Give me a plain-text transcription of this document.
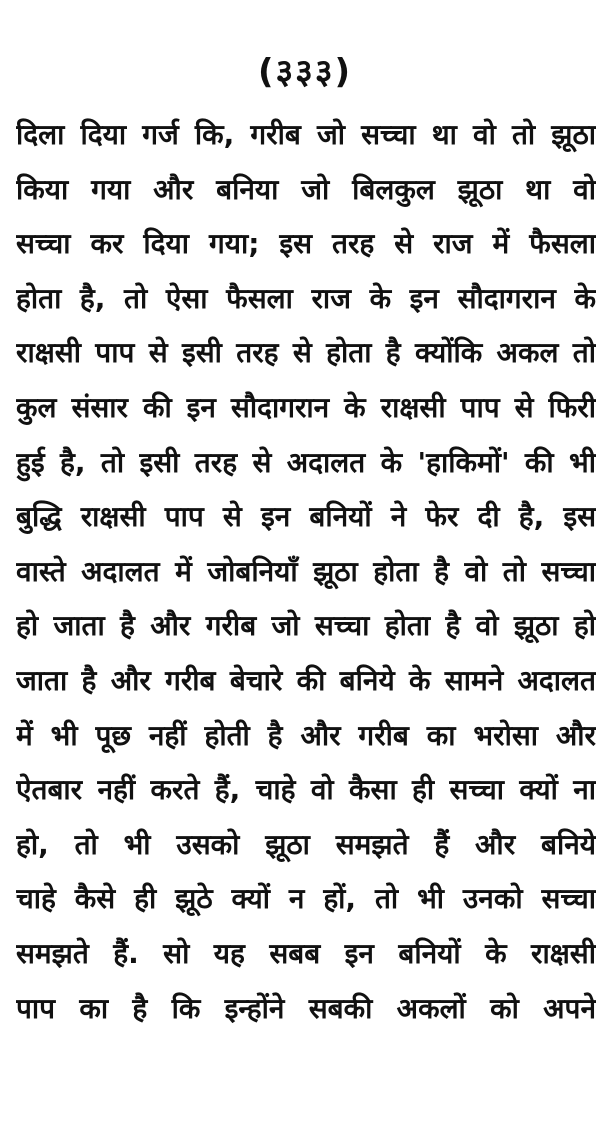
(३३३)
दिला दिया गर्ज कि, गरीब जो सच्चा था वो तो झूठा
किया गया और बनिया जो बिलकुल झूठा था वो
सच्चा कर दिया गया; इस तरह से राज में फैसला
होता है, तो ऐसा फैसला राज के इन सौदागरान के
राक्षसी पाप से इसी तरह से होता है क्योंकि अकल तो
कुल संसार की इन सौदागरान के राक्षसी पाप से फिरी
हुई है, तो इसी तरह से अदालत के 'हाकिमों' की भी
बुद्धि राक्षसी पाप से इन बनियों ने फेर दी है, इस
वास्ते अदालत में जोबनियाँ झूठा होता है वो तो सच्चा
हो जाता है और गरीब जो सच्चा होता है वो झूठा हो
जाता है और गरीब बेचारे की बनिये के सामने अदालत
में भी पूछ नहीं होती है और गरीब का भरोसा और
ऐतबार नहीं करते हैं, चाहे वो कैसा ही सच्चा क्यों ना
हो, तो भी उसको झूठा समझते हैं और बनिये
चाहे कैसे ही झूठे क्यों न हों, तो भी उनको सच्चा
समझते हैं. सो यह सबब इन बनियों के राक्षसी
पाप का है कि इन्होंने सबकी अकलों को अपने
